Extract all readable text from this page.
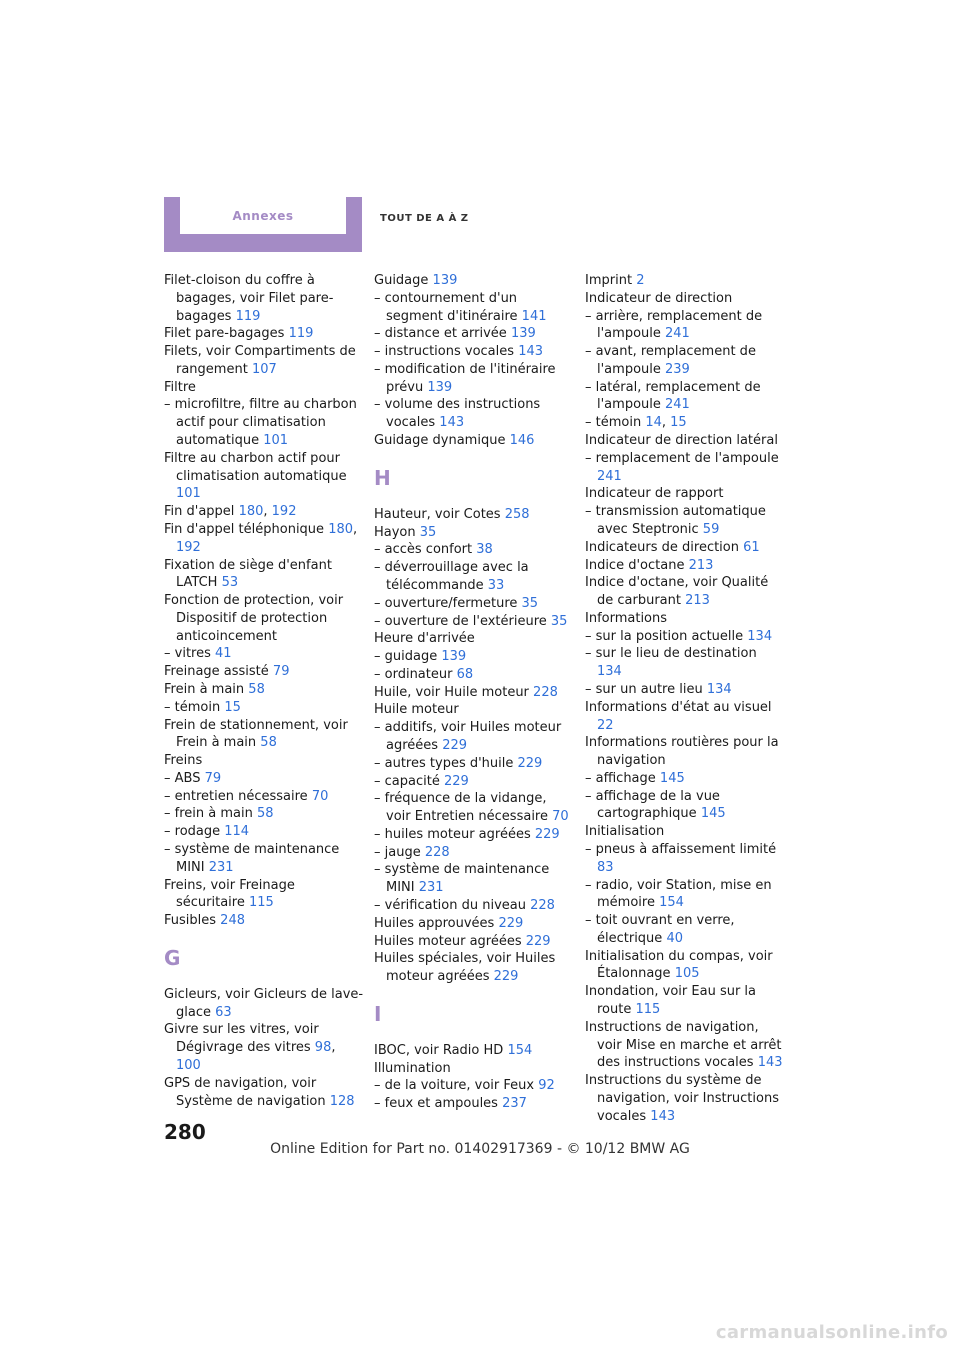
Annexes	TOUT DE A À Z

Filet-cloison du coffre à bagages, voir Filet pare-bagages 119

Filet pare-bagages 119

Filets, voir Compartiments de rangement 107

Filtre

– microfiltre, filtre au charbon actif pour climatisation automatique 101

Filtre au charbon actif pour climatisation automatique 101

Fin d'appel 180, 192

Fin d'appel téléphonique 180, 192

Fixation de siège d'enfant LATCH 53

Fonction de protection, voir Dispositif de protection anticoincement

– vitres 41

Freinage assisté 79

Frein à main 58

– témoin 15

Frein de stationnement, voir Frein à main 58

Freins

– ABS 79

– entretien nécessaire 70

– frein à main 58

– rodage 114

– système de maintenance MINI 231

Freins, voir Freinage sécuritaire 115

Fusibles 248

G

Gicleurs, voir Gicleurs de lave-glace 63

Givre sur les vitres, voir Dégivrage des vitres 98, 100

GPS de navigation, voir Système de navigation 128

Guidage 139

– contournement d'un segment d'itinéraire 141

– distance et arrivée 139

– instructions vocales 143

– modification de l'itinéraire prévu 139

– volume des instructions vocales 143

Guidage dynamique 146

H

Hauteur, voir Cotes 258

Hayon 35

– accès confort 38

– déverrouillage avec la télécommande 33

– ouverture/fermeture 35

– ouverture de l'extérieure 35

Heure d'arrivée

– guidage 139

– ordinateur 68

Huile, voir Huile moteur 228

Huile moteur

– additifs, voir Huiles moteur agréées 229

– autres types d'huile 229

– capacité 229

– fréquence de la vidange, voir Entretien nécessaire 70

– huiles moteur agréées 229

– jauge 228

– système de maintenance MINI 231

– vérification du niveau 228

Huiles approuvées 229

Huiles moteur agréées 229

Huiles spéciales, voir Huiles moteur agréées 229

I

IBOC, voir Radio HD 154

Illumination

– de la voiture, voir Feux 92

– feux et ampoules 237

Imprint 2

Indicateur de direction

– arrière, remplacement de l'ampoule 241

– avant, remplacement de l'ampoule 239

– latéral, remplacement de l'ampoule 241

– témoin 14, 15

Indicateur de direction latéral

– remplacement de l'ampoule 241

Indicateur de rapport

– transmission automatique avec Steptronic 59

Indicateurs de direction 61

Indice d'octane 213

Indice d'octane, voir Qualité de carburant 213

Informations

– sur la position actuelle 134

– sur le lieu de destination 134

– sur un autre lieu 134

Informations d'état au visuel 22

Informations routières pour la navigation

– affichage 145

– affichage de la vue cartographique 145

Initialisation

– pneus à affaissement limité 83

– radio, voir Station, mise en mémoire 154

– toit ouvrant en verre, électrique 40

Initialisation du compas, voir Étalonnage 105

Inondation, voir Eau sur la route 115

Instructions de navigation, voir Mise en marche et arrêt des instructions vocales 143

Instructions du système de navigation, voir Instructions vocales 143

280
Online Edition for Part no. 01402917369 - © 10/12 BMW AG
carmanualsonline.info
